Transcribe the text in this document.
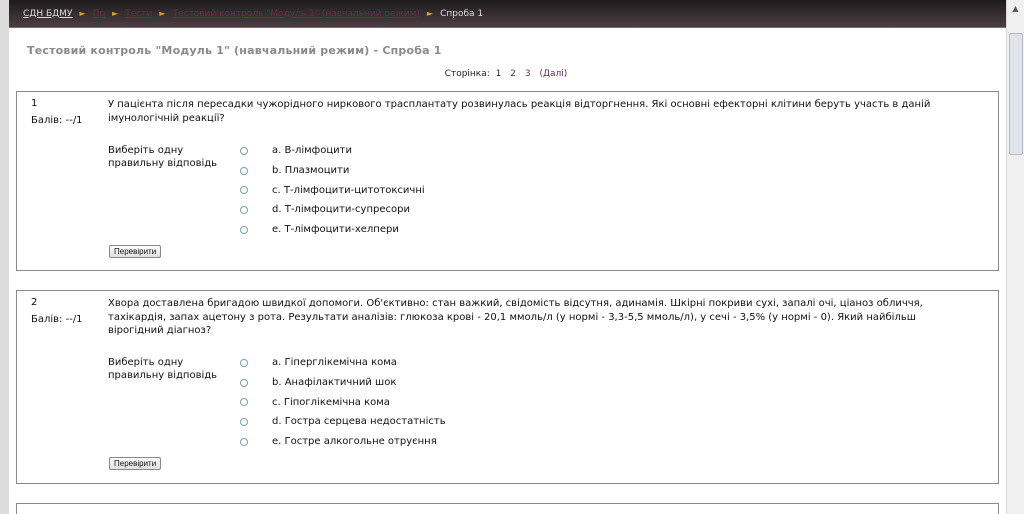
СДН БДМУ ► Пр ► Тести ► Тестовий контроль "Модуль 1" (навчальний режим) ► Спроба 1
Тестовий контроль "Модуль 1" (навчальний режим) - Спроба 1
Сторінка: 1 2 3 (Далі)
1
Балів: --/1
У пацієнта після пересадки чужорідного ниркового трасплантату розвинулась реакція відторгнення. Які основні ефекторні клітини беруть участь в даній імунологічній реакції?
Виберіть одну правильну відповідь
a. В-лімфоцити
b. Плазмоцити
c. Т-лімфоцити-цитотоксичні
d. Т-лімфоцити-супресори
e. Т-лімфоцити-хелпери
Перевірити
2
Балів: --/1
Хвора доставлена бригадою швидкої допомоги. Об'єктивно: стан важкий, свідомість відсутня, адинамія. Шкірні покриви сухі, запалі очі, ціаноз обличчя, тахікардія, запах ацетону з рота. Результати аналізів: глюкоза крові - 20,1 ммоль/л (у нормі - 3,3-5,5 ммоль/л), у сечі - 3,5% (у нормі - 0). Який найбільш вірогідний діагноз?
Виберіть одну правильну відповідь
a. Гіперглікемічна кома
b. Анафілактичний шок
c. Гіпоглікемічна кома
d. Гостра серцева недостатність
e. Гостре алкогольне отруєння
Перевірити
▲
